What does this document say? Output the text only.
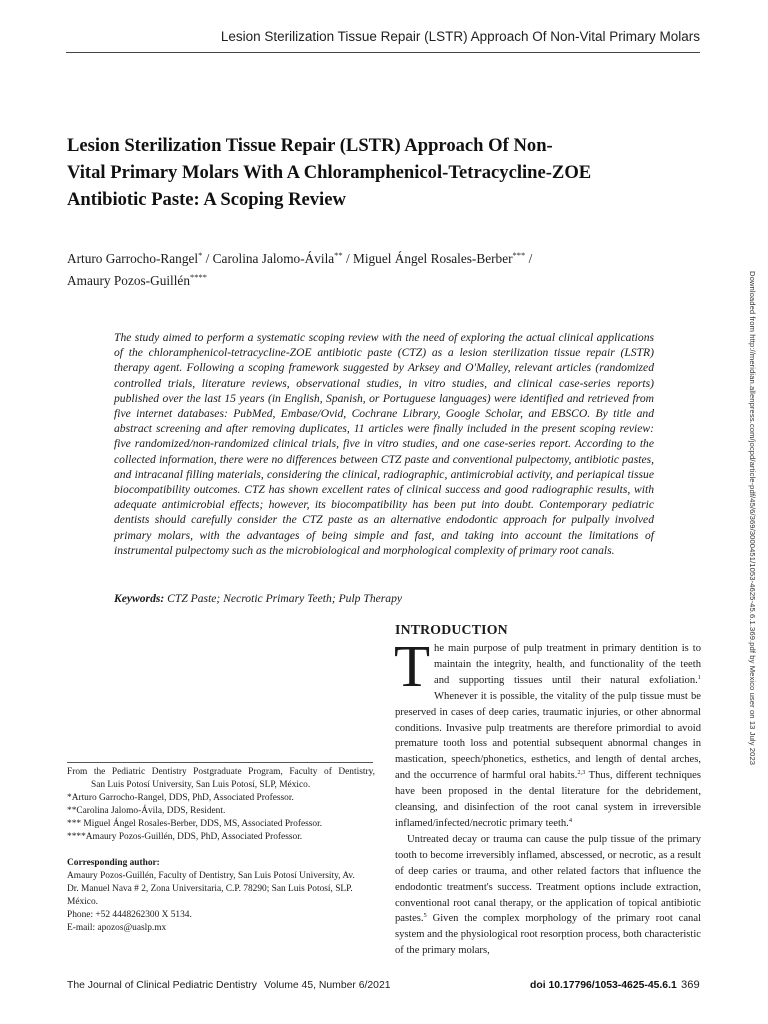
Lesion Sterilization Tissue Repair (LSTR) Approach Of Non-Vital Primary Molars
Lesion Sterilization Tissue Repair (LSTR) Approach Of Non-
Vital Primary Molars With A Chloramphenicol-Tetracycline-ZOE
Antibiotic Paste: A Scoping Review
Arturo Garrocho-Rangel* / Carolina Jalomo-Ávila** / Miguel Ángel Rosales-Berber*** /
Amaury Pozos-Guillén****	Downloaded from http://meridian.allenpress.com/jocpd/article-pdf/45/6/369/3000451/1053-4625-45.6.1.369.pdf by Mexico user on 13 July 2023
The study aimed to perform a systematic scoping review with the need of exploring the actual clinical applications of the chloramphenicol-tetracycline-ZOE antibiotic paste (CTZ) as a lesion sterilization tissue repair (LSTR) therapy agent. Following a scoping framework suggested by Arksey and O'Malley, relevant articles (randomized controlled trials, literature reviews, observational studies, in vitro studies, and clinical case-series reports) published over the last 15 years (in English, Spanish, or Portuguese languages) were identified and retrieved from five internet databases: PubMed, Embase/Ovid, Cochrane Library, Google Scholar, and EBSCO. By title and abstract screening and after removing duplicates, 11 articles were finally included in the present scoping review: five randomized/non-randomized clinical trials, five in vitro studies, and one case-series report. According to the collected information, there were no differences between CTZ paste and conventional pulpectomy, antibiotic pastes, and intracanal filling materials, considering the clinical, radiographic, antimicrobial activity, and periapical tissue biocompatibility outcomes. CTZ has shown excellent rates of clinical success and good radiographic results, with adequate antimicrobial effects; however, its biocompatibility has been put into doubt. Contemporary pediatric dentists should carefully consider the CTZ paste as an alternative endodontic approach for pulpally involved primary molars, with the advantages of being simple and fast, and taking into account the limitations of instrumental pulpectomy such as the microbiological and morphological complexity of primary root canals.
Keywords: CTZ Paste; Necrotic Primary Teeth; Pulp Therapy
From the Pediatric Dentistry Postgraduate Program, Faculty of Dentistry,
San Luis Potosí University, San Luis Potosí, SLP, México.
*Arturo Garrocho-Rangel, DDS, PhD, Associated Professor.
**Carolina Jalomo-Ávila, DDS, Resident.
*** Miguel Ángel Rosales-Berber, DDS, MS, Associated Professor.
****Amaury Pozos-Guillén, DDS, PhD, Associated Professor.
Corresponding author:
Amaury Pozos-Guillén, Faculty of Dentistry, San Luis Potosí University, Av.
Dr. Manuel Nava # 2, Zona Universitaria, C.P. 78290; San Luis Potosí, SLP.
México.
Phone: +52 4448262300 X 5134.
E-mail: apozos@uaslp.mx
INTRODUCTION

The main purpose of pulp treatment in primary dentition is to maintain the integrity, health, and functionality of the teeth and supporting tissues until their natural exfoliation.$^1$ Whenever it is possible, the vitality of the pulp tissue must be preserved in cases of deep caries, traumatic injuries, or other abnormal conditions. Invasive pulp treatments are therefore primordial to avoid premature tooth loss and potential subsequent abnormal changes in mastication, speech/phonetics, esthetics, and length of dental arches, and the occurrence of harmful oral habits.$^{2,3}$ Thus, different techniques have been proposed in the dental literature for the debridement, cleansing, and disinfection of the root canal system in irreversible inflamed/infected/necrotic primary teeth.$^4$

Untreated decay or trauma can cause the pulp tissue of the primary tooth to become irreversibly inflamed, abscessed, or necrotic, as a result of deep caries or trauma, and other related factors that influence the endodontic treatment's success. Treatment options include extraction, conventional root canal therapy, or the application of topical antibiotic pastes.$^5$ Given the complex morphology of the primary root canal system and the physiological root resorption process, both characteristic of the primary molars,

The Journal of Clinical Pediatric Dentistry Volume 45, Number 6/2021	doi 10.17796/1053-4625-45.6.1 369
